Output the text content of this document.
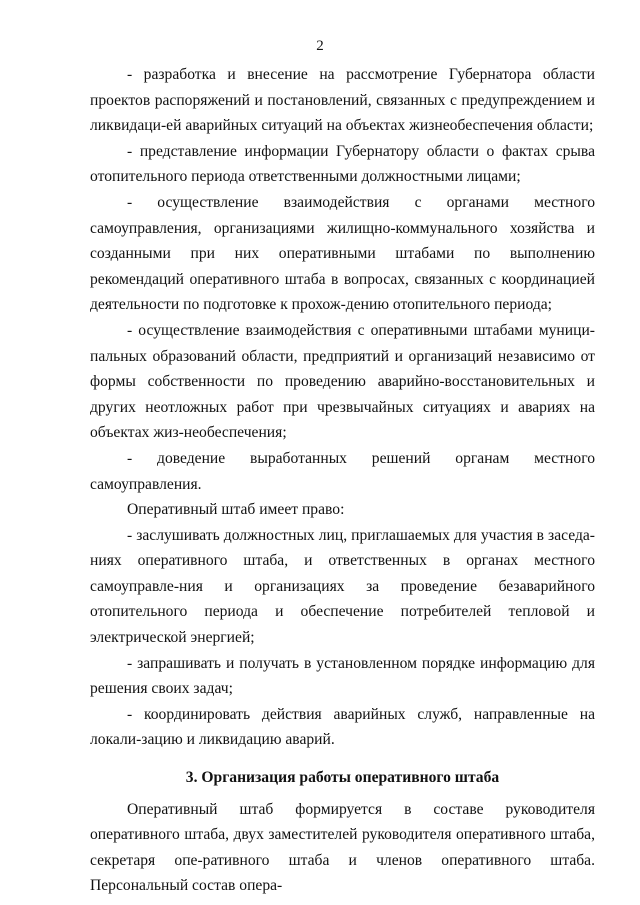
2

- разработка и внесение на рассмотрение Губернатора области проектов распоряжений и постановлений, связанных с предупреждением и ликвидаци-ей аварийных ситуаций на объектах жизнеобеспечения области;

- представление информации Губернатору области о фактах срыва отопительного периода ответственными должностными лицами;

- осуществление взаимодействия с органами местного самоуправления, организациями жилищно-коммунального хозяйства и созданными при них оперативными штабами по выполнению рекомендаций оперативного штаба в вопросах, связанных с координацией деятельности по подготовке к прохож-дению отопительного периода;

- осуществление взаимодействия с оперативными штабами муници-пальных образований области, предприятий и организаций независимо от формы собственности по проведению аварийно-восстановительных и других неотложных работ при чрезвычайных ситуациях и авариях на объектах жиз-необеспечения;

- доведение выработанных решений органам местного самоуправления.

Оперативный штаб имеет право:

- заслушивать должностных лиц, приглашаемых для участия в заседа-ниях оперативного штаба, и ответственных в органах местного самоуправле-ния и организациях за проведение безаварийного отопительного периода и обеспечение потребителей тепловой и электрической энергией;

- запрашивать и получать в установленном порядке информацию для решения своих задач;

- координировать действия аварийных служб, направленные на локали-зацию и ликвидацию аварий.

3. Организация работы оперативного штаба

Оперативный штаб формируется в составе руководителя оперативного штаба, двух заместителей руководителя оперативного штаба, секретаря опе-ративного штаба и членов оперативного штаба. Персональный состав опера-
